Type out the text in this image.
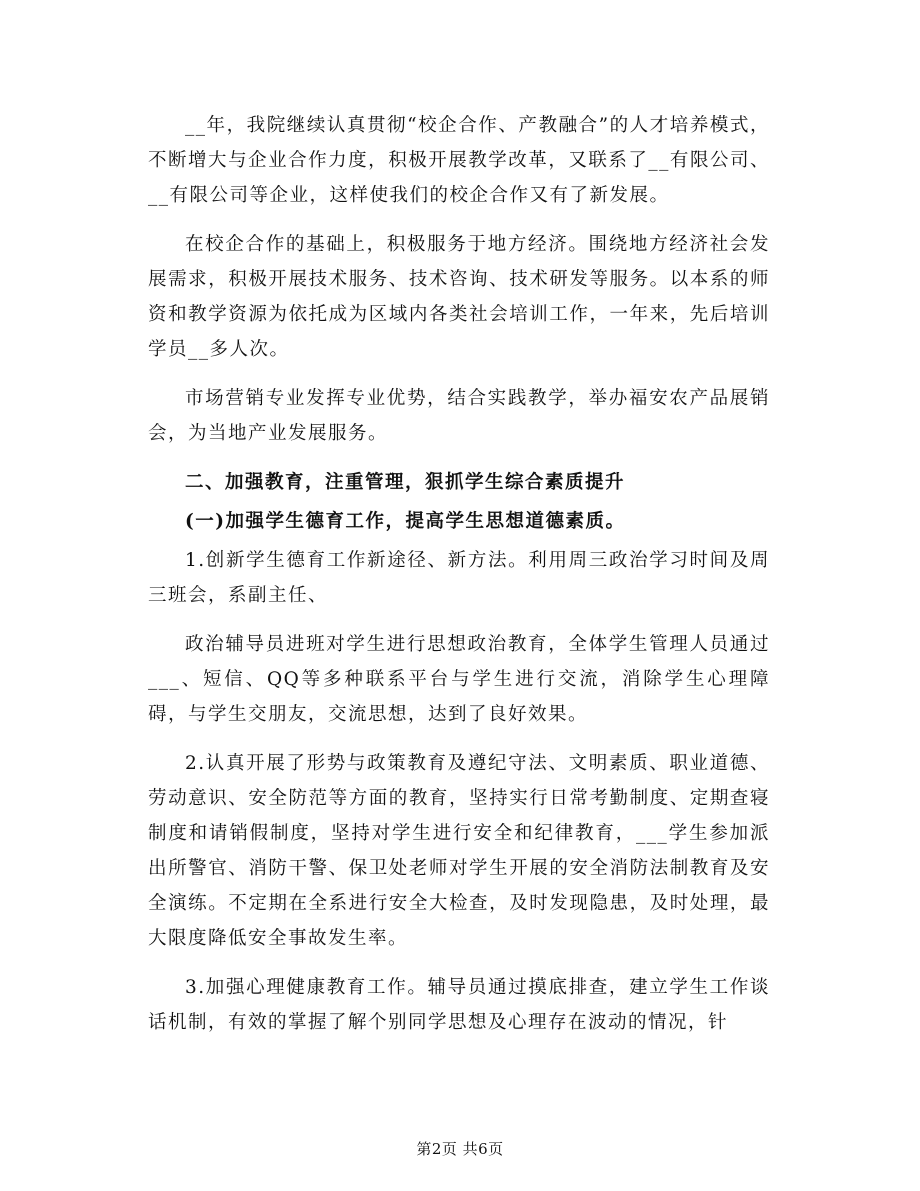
__年，我院继续认真贯彻“校企合作、产教融合”的人才培养模式，不断增大与企业合作力度，积极开展教学改革，又联系了__有限公司、__有限公司等企业，这样使我们的校企合作又有了新发展。

在校企合作的基础上，积极服务于地方经济。围绕地方经济社会发展需求，积极开展技术服务、技术咨询、技术研发等服务。以本系的师资和教学资源为依托成为区域内各类社会培训工作，一年来，先后培训学员__多人次。

市场营销专业发挥专业优势，结合实践教学，举办福安农产品展销会，为当地产业发展服务。

二、加强教育，注重管理，狠抓学生综合素质提升

(一)加强学生德育工作，提高学生思想道德素质。

1.创新学生德育工作新途径、新方法。利用周三政治学习时间及周三班会，系副主任、

政治辅导员进班对学生进行思想政治教育，全体学生管理人员通过___、短信、QQ等多种联系平台与学生进行交流，消除学生心理障碍，与学生交朋友，交流思想，达到了良好效果。

2.认真开展了形势与政策教育及遵纪守法、文明素质、职业道德、劳动意识、安全防范等方面的教育，坚持实行日常考勤制度、定期查寝制度和请销假制度，坚持对学生进行安全和纪律教育，___学生参加派出所警官、消防干警、保卫处老师对学生开展的安全消防法制教育及安全演练。不定期在全系进行安全大检查，及时发现隐患，及时处理，最大限度降低安全事故发生率。

3.加强心理健康教育工作。辅导员通过摸底排查，建立学生工作谈话机制，有效的掌握了解个别同学思想及心理存在波动的情况，针

第2页 共6页
